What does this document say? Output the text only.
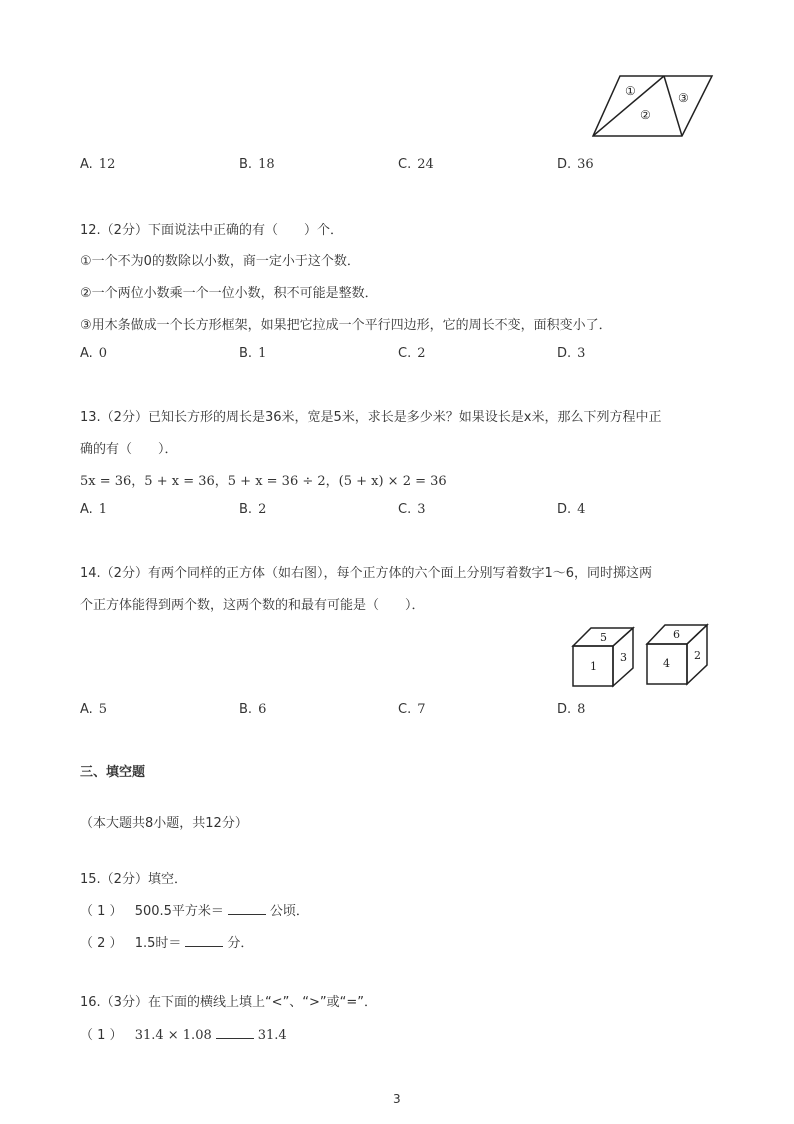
①
②
③
A. 12	B. 18	C. 24	D. 36
12.（2分）下面说法中正确的有（　　）个．
①一个不为0的数除以小数，商一定小于这个数．
②一个两位小数乘一个一位小数，积不可能是整数．
③用木条做成一个长方形框架，如果把它拉成一个平行四边形，它的周长不变，面积变小了．
A. 0	B. 1	C. 2	D. 3
13.（2分）已知长方形的周长是36米，宽是5米，求长是多少米？如果设长是x米，那么下列方程中正
确的有（　　）．
5x = 36，5 + x = 36，5 + x = 36 ÷ 2，(5 + x) × 2 = 36
A. 1	B. 2	C. 3	D. 4
14.（2分）有两个同样的正方体（如右图），每个正方体的六个面上分别写着数字1～6，同时掷这两
个正方体能得到两个数，这两个数的和最有可能是（　　）．
1
5
3	4
6
2
A. 5	B. 6	C. 7	D. 8
三、填空题
（本大题共8小题，共12分）
15.（2分）填空．
（ 1 ） 500.5平方米＝	公顷．
（ 2 ） 1.5时＝	分．
16.（3分）在下面的横线上填上“<”、“>”或“=”．
（ 1 ） 31.4 × 1.08	31.4
3
